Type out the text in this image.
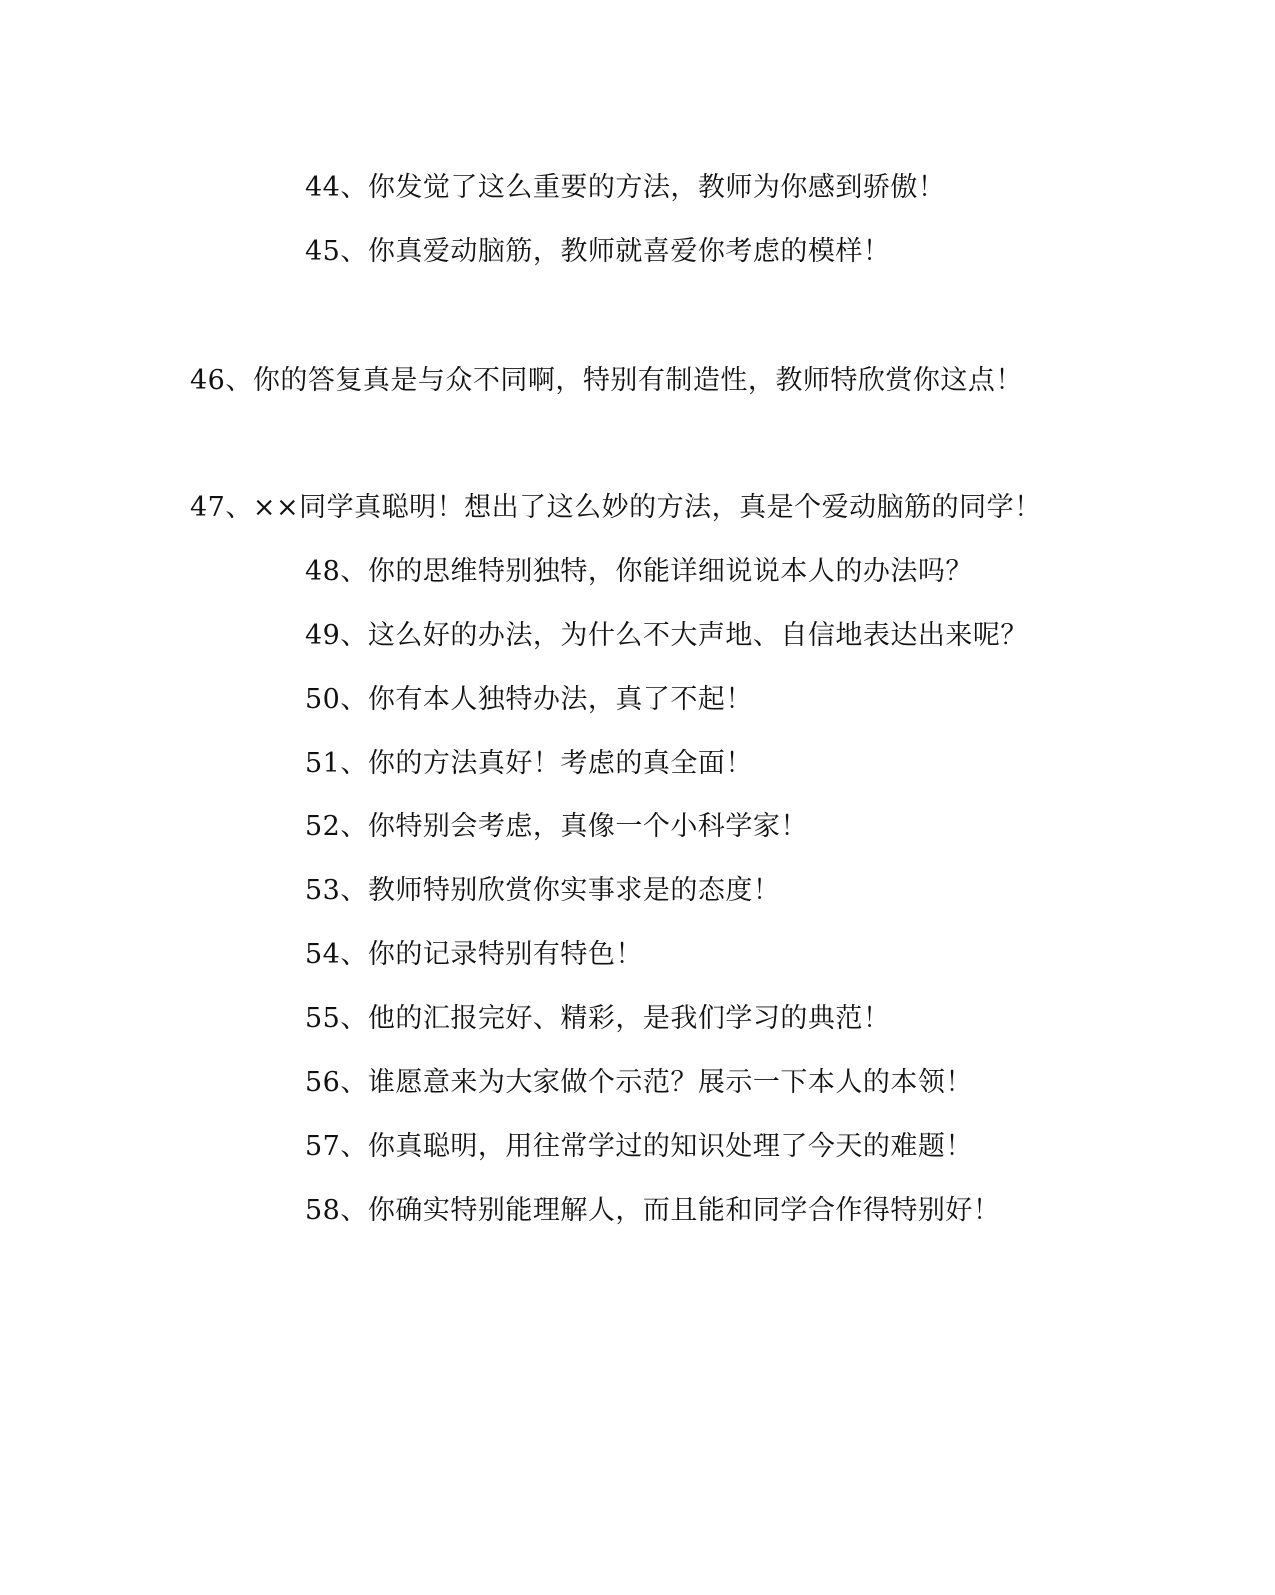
44、你发觉了这么重要的方法，教师为你感到骄傲！
45、你真爱动脑筋，教师就喜爱你考虑的模样！
46、你的答复真是与众不同啊，特别有制造性，教师特欣赏你这点！
47、××同学真聪明！想出了这么妙的方法，真是个爱动脑筋的同学！
48、你的思维特别独特，你能详细说说本人的办法吗？
49、这么好的办法，为什么不大声地、自信地表达出来呢？
50、你有本人独特办法，真了不起！
51、你的方法真好！考虑的真全面！
52、你特别会考虑，真像一个小科学家！
53、教师特别欣赏你实事求是的态度！
54、你的记录特别有特色！
55、他的汇报完好、精彩，是我们学习的典范！
56、谁愿意来为大家做个示范？展示一下本人的本领！
57、你真聪明，用往常学过的知识处理了今天的难题！
58、你确实特别能理解人，而且能和同学合作得特别好！
